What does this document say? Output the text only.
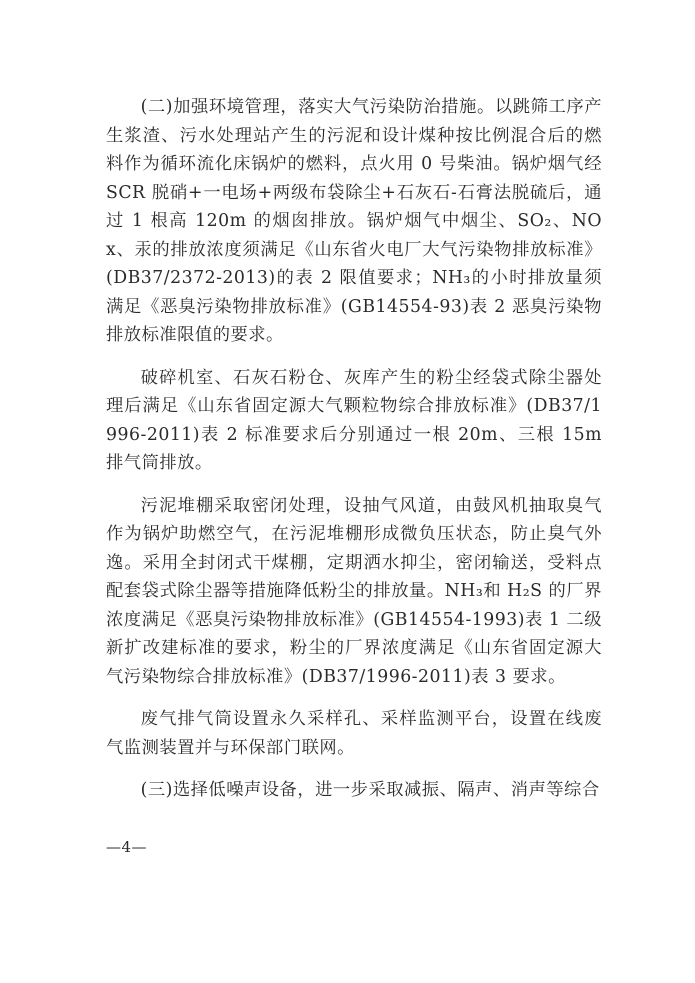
(二)加强环境管理，落实大气污染防治措施。以跳筛工序产生浆渣、污水处理站产生的污泥和设计煤种按比例混合后的燃料作为循环流化床锅炉的燃料，点火用 0 号柴油。锅炉烟气经 SCR 脱硝+一电场+两级布袋除尘+石灰石-石膏法脱硫后，通过 1 根高 120m 的烟囱排放。锅炉烟气中烟尘、SO₂、NOx、汞的排放浓度须满足《山东省火电厂大气污染物排放标准》(DB37/2372-2013)的表 2 限值要求；NH₃的小时排放量须满足《恶臭污染物排放标准》(GB14554-93)表 2 恶臭污染物排放标准限值的要求。

破碎机室、石灰石粉仓、灰库产生的粉尘经袋式除尘器处理后满足《山东省固定源大气颗粒物综合排放标准》(DB37/1996-2011)表 2 标准要求后分别通过一根 20m、三根 15m 排气筒排放。

污泥堆棚采取密闭处理，设抽气风道，由鼓风机抽取臭气作为锅炉助燃空气，在污泥堆棚形成微负压状态，防止臭气外逸。采用全封闭式干煤棚，定期洒水抑尘，密闭输送，受料点配套袋式除尘器等措施降低粉尘的排放量。NH₃和 H₂S 的厂界浓度满足《恶臭污染物排放标准》(GB14554-1993)表 1 二级新扩改建标准的要求，粉尘的厂界浓度满足《山东省固定源大气污染物综合排放标准》(DB37/1996-2011)表 3 要求。

废气排气筒设置永久采样孔、采样监测平台，设置在线废气监测装置并与环保部门联网。

(三)选择低噪声设备，进一步采取减振、隔声、消声等综合

—4—
